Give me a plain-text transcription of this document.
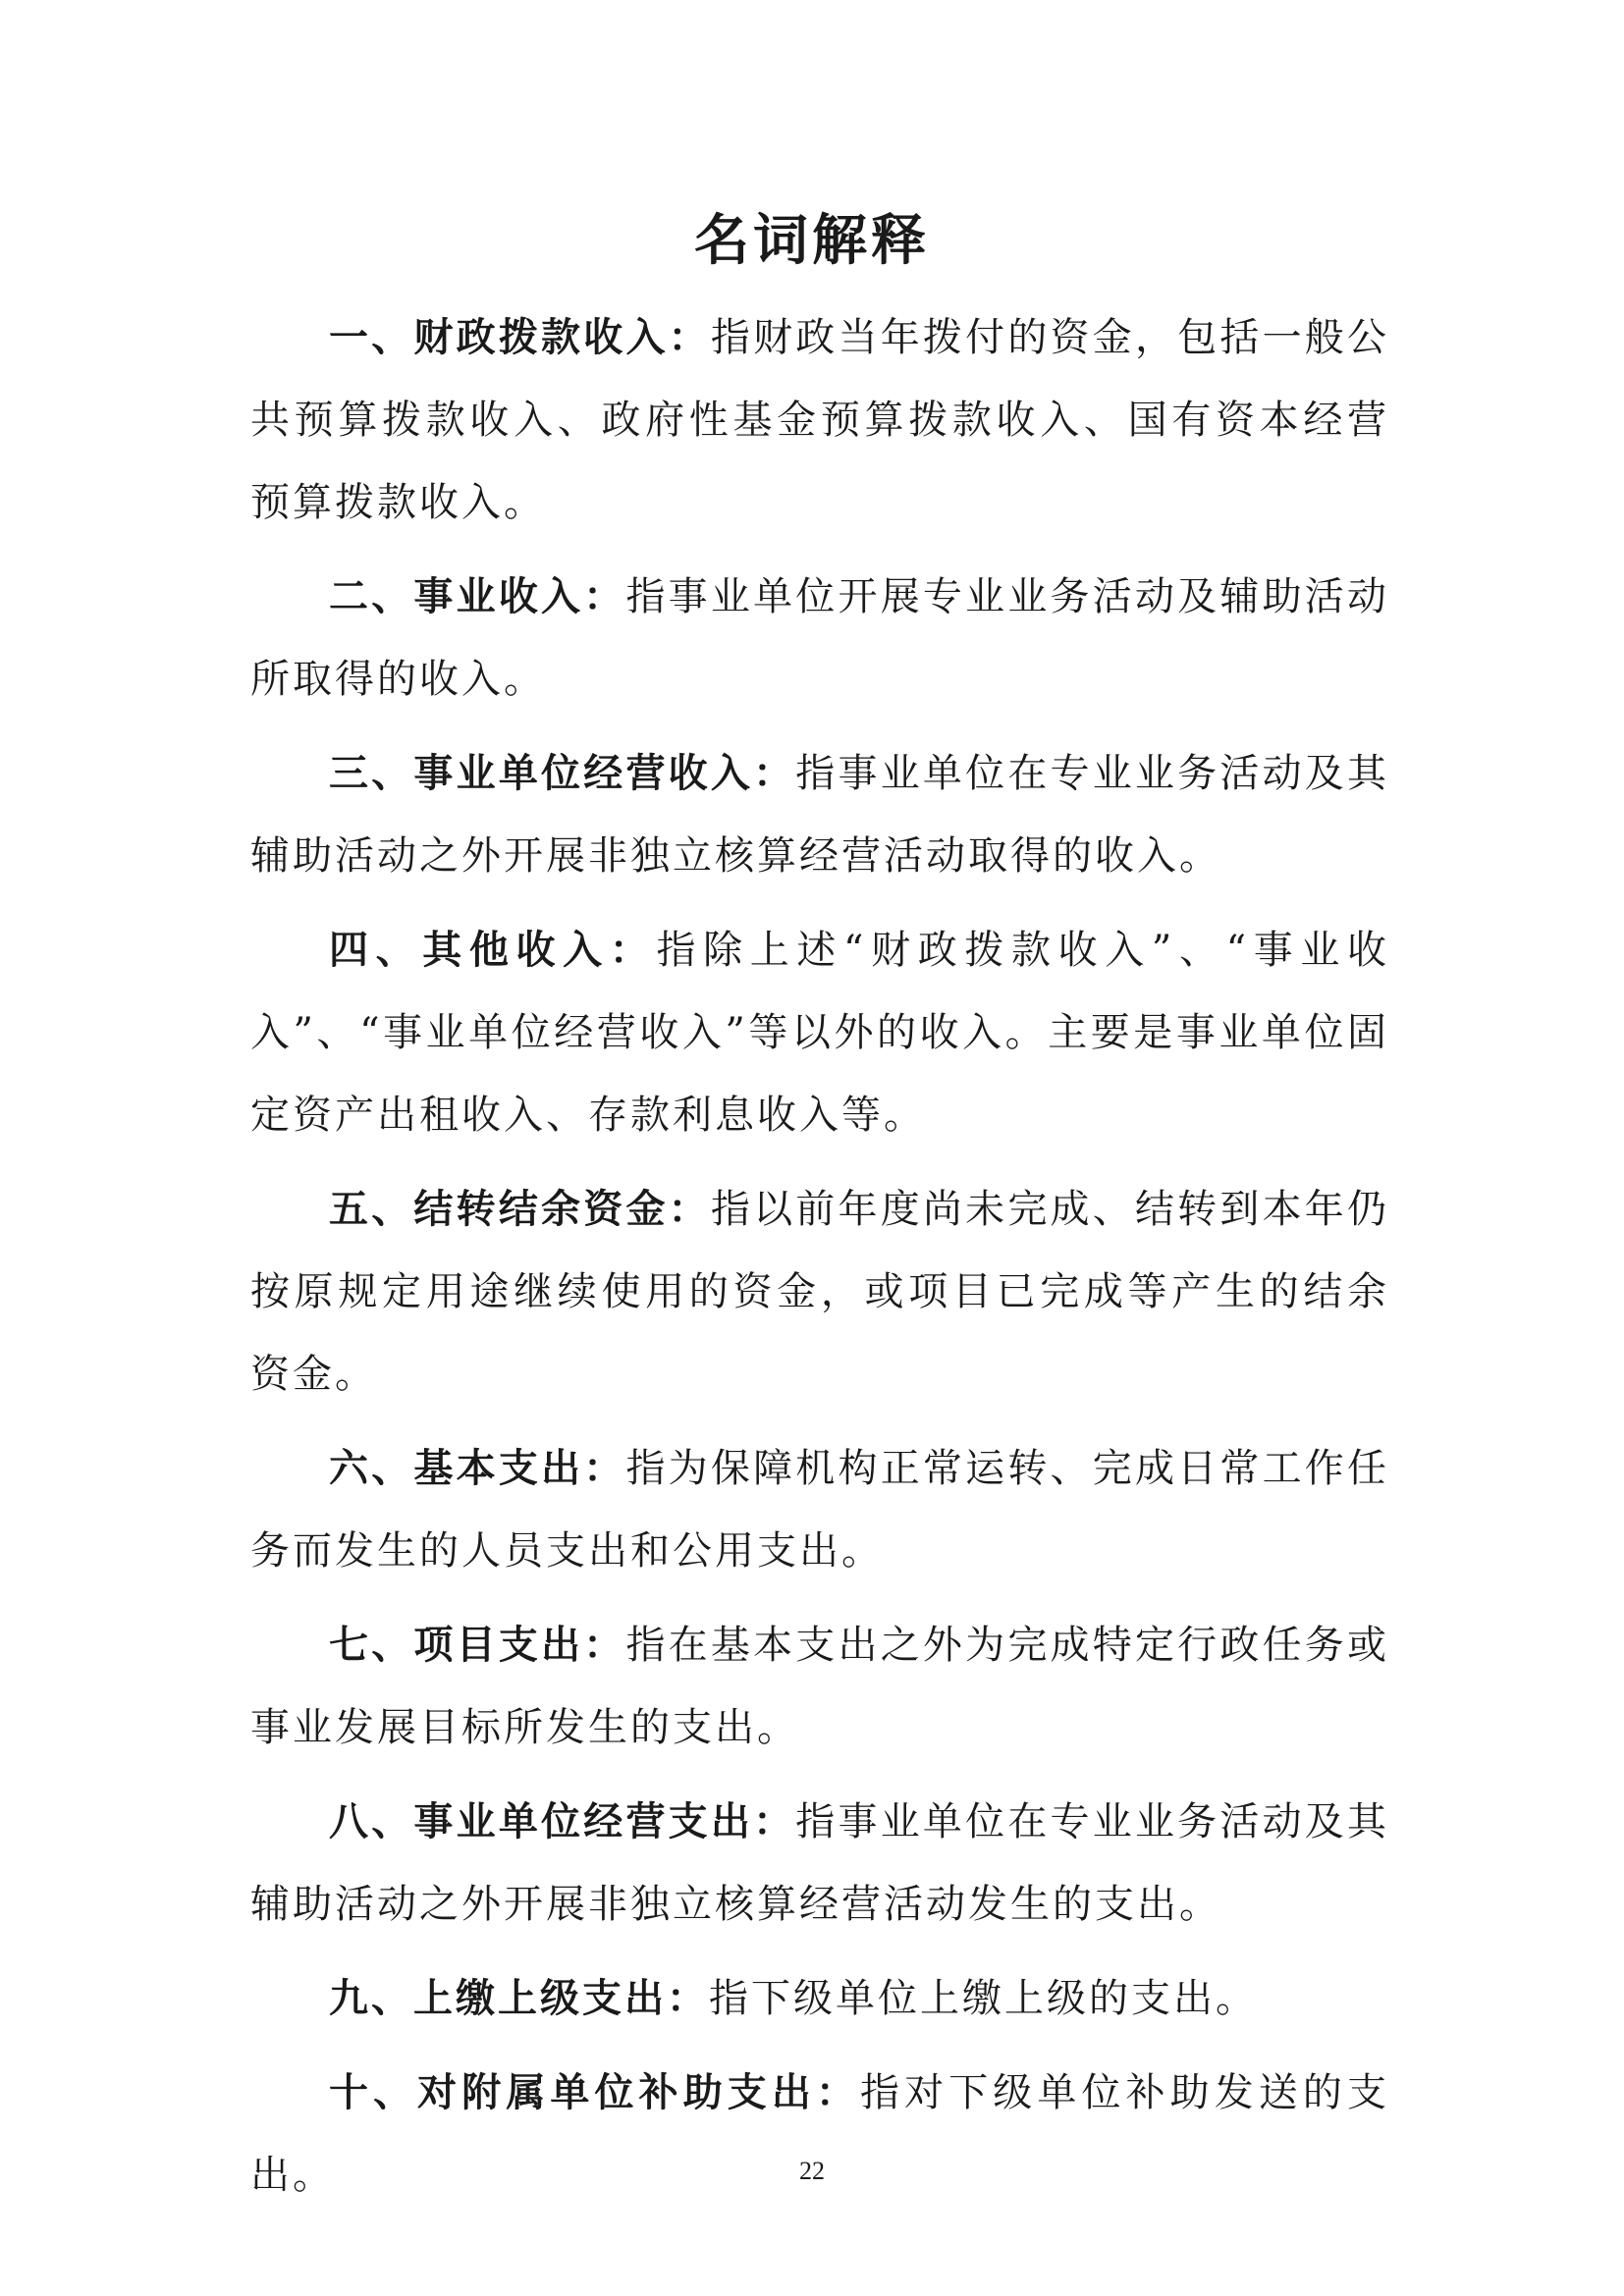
名词解释

一、财政拨款收入：指财政当年拨付的资金，包括一般公共预算拨款收入、政府性基金预算拨款收入、国有资本经营预算拨款收入。

二、事业收入：指事业单位开展专业业务活动及辅助活动所取得的收入。

三、事业单位经营收入：指事业单位在专业业务活动及其辅助活动之外开展非独立核算经营活动取得的收入。

四、其他收入：指除上述“财政拨款收入”、“事业收入”、“事业单位经营收入”等以外的收入。主要是事业单位固定资产出租收入、存款利息收入等。

五、结转结余资金：指以前年度尚未完成、结转到本年仍按原规定用途继续使用的资金，或项目已完成等产生的结余资金。

六、基本支出：指为保障机构正常运转、完成日常工作任务而发生的人员支出和公用支出。

七、项目支出：指在基本支出之外为完成特定行政任务或事业发展目标所发生的支出。

八、事业单位经营支出：指事业单位在专业业务活动及其辅助活动之外开展非独立核算经营活动发生的支出。

九、上缴上级支出：指下级单位上缴上级的支出。

十、对附属单位补助支出：指对下级单位补助发送的支出。	22
